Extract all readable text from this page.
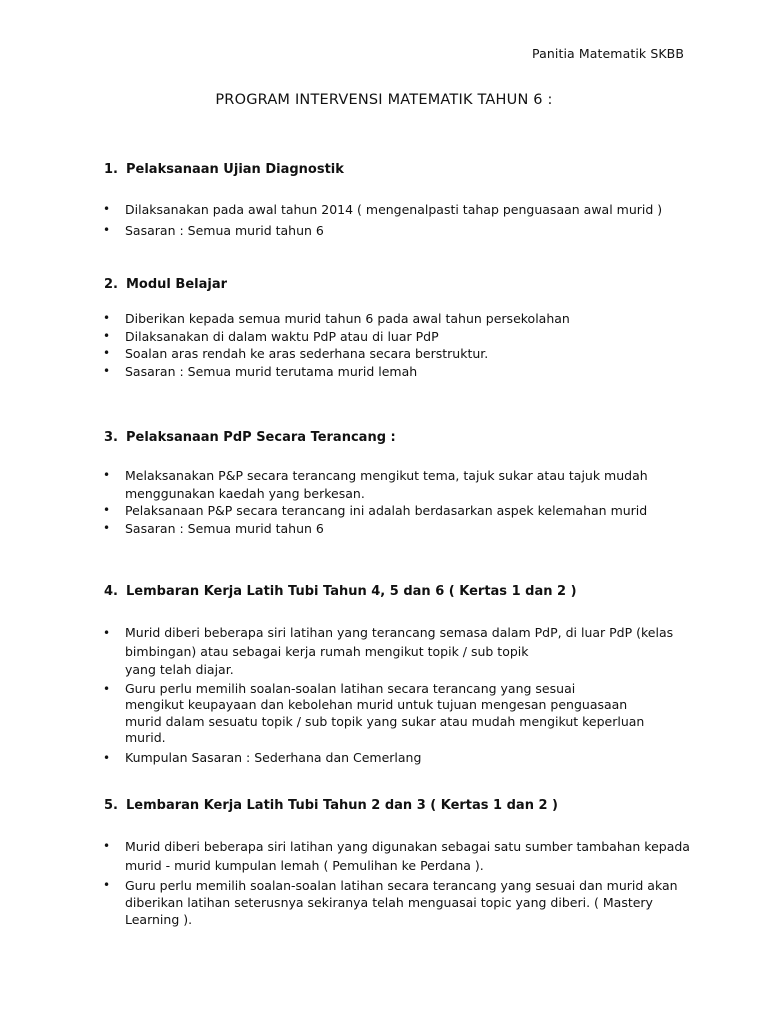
Panitia Matematik SKBB
PROGRAM INTERVENSI MATEMATIK TAHUN 6 :
1. Pelaksanaan Ujian Diagnostik
• Dilaksanakan pada awal tahun 2014 ( mengenalpasti tahap penguasaan awal murid )
• Sasaran : Semua murid tahun 6
2. Modul Belajar
• Diberikan kepada semua murid tahun 6 pada awal tahun persekolahan
• Dilaksanakan di dalam waktu PdP atau di luar PdP
• Soalan aras rendah ke aras sederhana secara berstruktur.
• Sasaran : Semua murid terutama murid lemah
3. Pelaksanaan PdP Secara Terancang :
• Melaksanakan P&P secara terancang mengikut tema, tajuk sukar atau tajuk mudah
menggunakan kaedah yang berkesan.
• Pelaksanaan P&P secara terancang ini adalah berdasarkan aspek kelemahan murid
• Sasaran : Semua murid tahun 6
4. Lembaran Kerja Latih Tubi Tahun 4, 5 dan 6 ( Kertas 1 dan 2 )
• Murid diberi beberapa siri latihan yang terancang semasa dalam PdP, di luar PdP (kelas
bimbingan) atau sebagai kerja rumah mengikut topik / sub topik
yang telah diajar.
• Guru perlu memilih soalan-soalan latihan secara terancang yang sesuai
mengikut keupayaan dan kebolehan murid untuk tujuan mengesan penguasaan
murid dalam sesuatu topik / sub topik yang sukar atau mudah mengikut keperluan
murid.
• Kumpulan Sasaran : Sederhana dan Cemerlang
5. Lembaran Kerja Latih Tubi Tahun 2 dan 3 ( Kertas 1 dan 2 )
• Murid diberi beberapa siri latihan yang digunakan sebagai satu sumber tambahan kepada
murid - murid kumpulan lemah ( Pemulihan ke Perdana ).
• Guru perlu memilih soalan-soalan latihan secara terancang yang sesuai dan murid akan
diberikan latihan seterusnya sekiranya telah menguasai topic yang diberi. ( Mastery
Learning ).
